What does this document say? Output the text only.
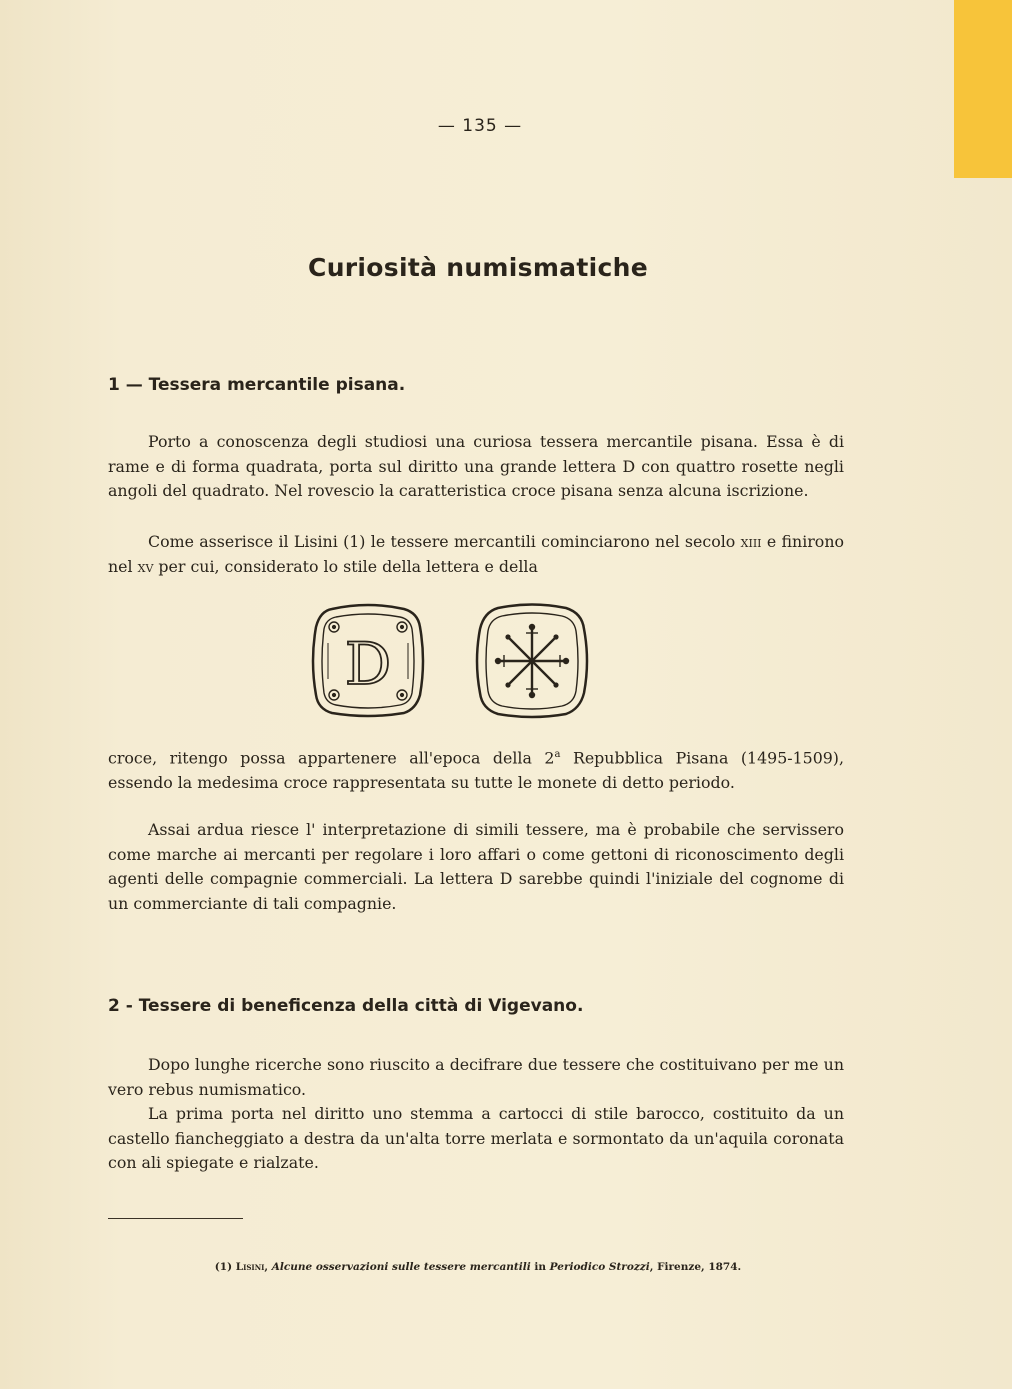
— 135 —
Curiosità numismatiche
1 — Tessera mercantile pisana.

Porto a conoscenza degli studiosi una curiosa tessera mercantile pisana. Essa è di rame e di forma quadrata, porta sul diritto una grande lettera D con quattro rosette negli angoli del quadrato. Nel rovescio la caratteristica croce pisana senza alcuna iscrizione.

Come asserisce il Lisini (1) le tessere mercantili cominciarono nel secolo xiii e finirono nel xv per cui, considerato lo stile della lettera e della

D

croce, ritengo possa appartenere all'epoca della 2$^a$ Repubblica Pisana (1495-1509), essendo la medesima croce rappresentata su tutte le monete di detto periodo.

Assai ardua riesce l' interpretazione di simili tessere, ma è probabile che servissero come marche ai mercanti per regolare i loro affari o come gettoni di riconoscimento degli agenti delle compagnie commerciali. La lettera D sarebbe quindi l'iniziale del cognome di un commerciante di tali compagnie.

2 - Tessere di beneficenza della città di Vigevano.

Dopo lunghe ricerche sono riuscito a decifrare due tessere che costituivano per me un vero rebus numismatico.

La prima porta nel diritto uno stemma a cartocci di stile barocco, costituito da un castello fiancheggiato a destra da un'alta torre merlata e sormontato da un'aquila coronata con ali spiegate e rialzate.

(1) Lisini, Alcune osservazioni sulle tessere mercantili in Periodico Strozzi, Firenze, 1874.
